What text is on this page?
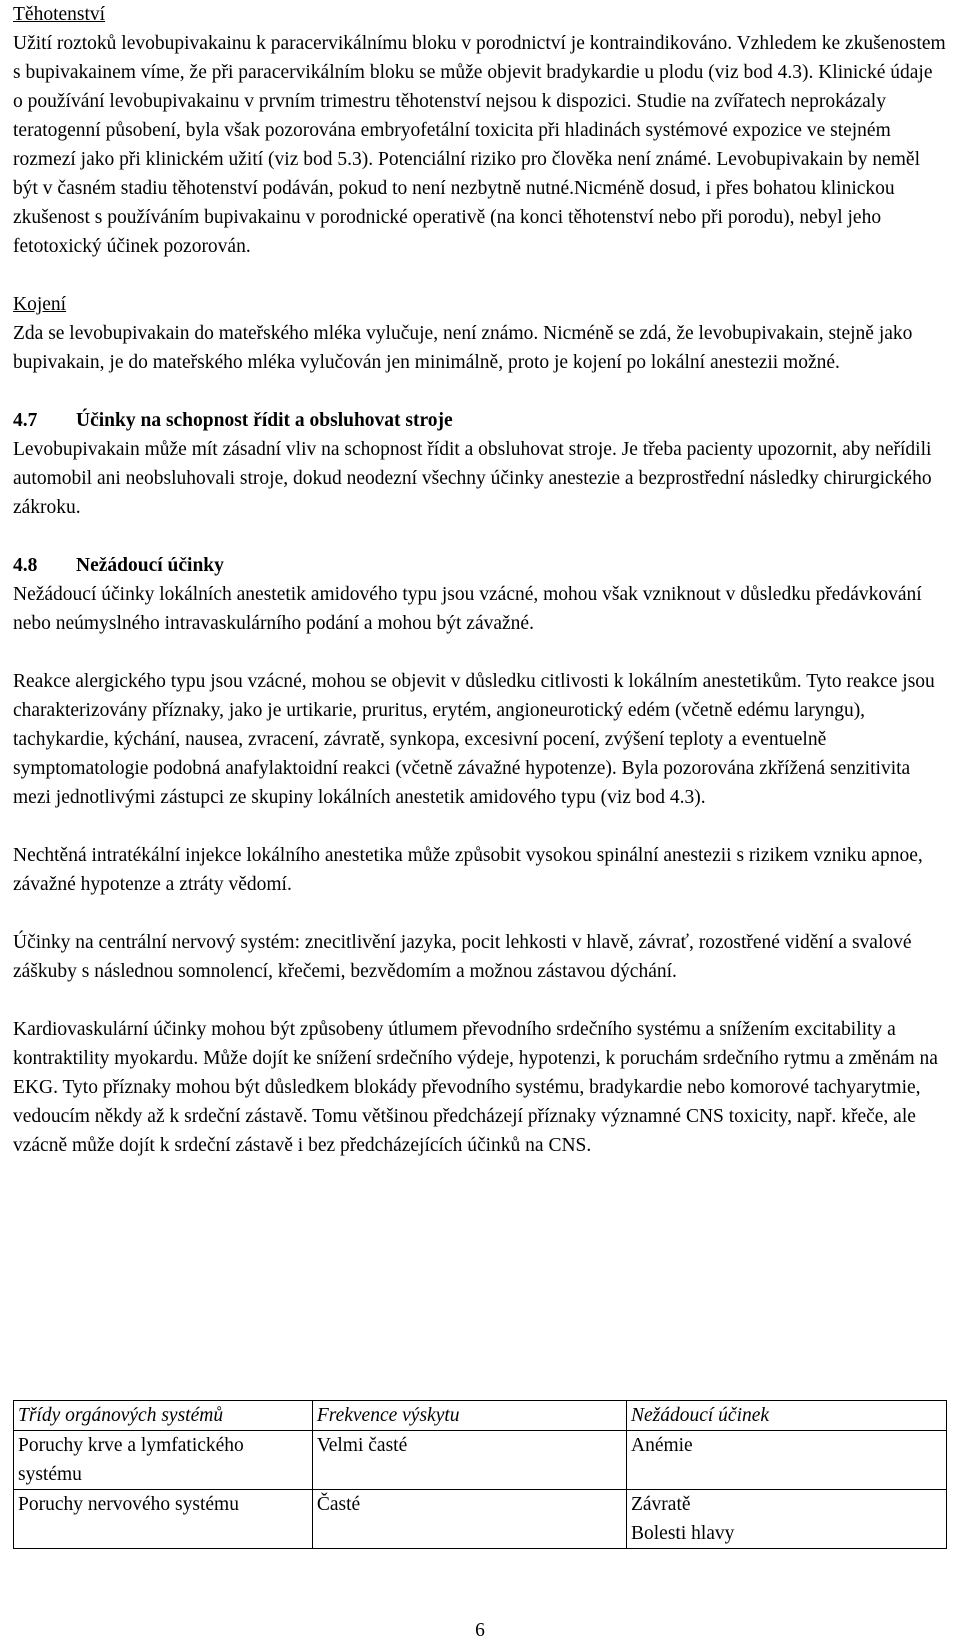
Těhotenství
Užití roztoků levobupivakainu k paracervikálnímu bloku v porodnictví je kontraindikováno. Vzhledem ke zkušenostem s bupivakainem víme, že při paracervikálním bloku se může objevit bradykardie u plodu (viz bod 4.3). Klinické údaje o používání levobupivakainu v prvním trimestru těhotenství nejsou k dispozici. Studie na zvířatech neprokázaly teratogenní působení, byla však pozorována embryofetální toxicita při hladinách systémové expozice ve stejném rozmezí jako při klinickém užití (viz bod 5.3). Potenciální riziko pro člověka není známé. Levobupivakain by neměl být v časném stadiu těhotenství podáván, pokud to není nezbytně nutné.Nicméně dosud, i přes bohatou klinickou zkušenost s používáním bupivakainu v porodnické operativě (na konci těhotenství nebo při porodu), nebyl jeho fetotoxický účinek pozorován.
Kojení
Zda se levobupivakain do mateřského mléka vylučuje, není známo. Nicméně se zdá, že levobupivakain, stejně jako bupivakain, je do mateřského mléka vylučován jen minimálně, proto je kojení po lokální anestezii možné.
4.7 Účinky na schopnost řídit a obsluhovat stroje
Levobupivakain může mít zásadní vliv na schopnost řídit a obsluhovat stroje. Je třeba pacienty upozornit, aby neřídili automobil ani neobsluhovali stroje, dokud neodezní všechny účinky anestezie a bezprostřední následky chirurgického zákroku.
4.8 Nežádoucí účinky
Nežádoucí účinky lokálních anestetik amidového typu jsou vzácné, mohou však vzniknout v důsledku předávkování nebo neúmyslného intravaskulárního podání a mohou být závažné.
Reakce alergického typu jsou vzácné, mohou se objevit v důsledku citlivosti k lokálním anestetikům. Tyto reakce jsou charakterizovány příznaky, jako je urtikarie, pruritus, erytém, angioneurotický edém (včetně edému laryngu), tachykardie, kýchání, nausea, zvracení, závratě, synkopa, excesivní pocení, zvýšení teploty a eventuelně symptomatologie podobná anafylaktoidní reakci (včetně závažné hypotenze). Byla pozorována zkřížená senzitivita mezi jednotlivými zástupci ze skupiny lokálních anestetik amidového typu (viz bod 4.3).
Nechtěná intratékální injekce lokálního anestetika může způsobit vysokou spinální anestezii s rizikem vzniku apnoe, závažné hypotenze a ztráty vědomí.
Účinky na centrální nervový systém: znecitlivění jazyka, pocit lehkosti v hlavě, závrať, rozostřené vidění a svalové záškuby s následnou somnolencí, křečemi, bezvědomím a možnou zástavou dýchání.
Kardiovaskulární účinky mohou být způsobeny útlumem převodního srdečního systému a snížením excitability a kontraktility myokardu. Může dojít ke snížení srdečního výdeje, hypotenzi, k poruchám srdečního rytmu a změnám na EKG. Tyto příznaky mohou být důsledkem blokády převodního systému, bradykardie nebo komorové tachyarytmie, vedoucím někdy až k srdeční zástavě. Tomu většinou předcházejí příznaky významné CNS toxicity, např. křeče, ale vzácně může dojít k srdeční zástavě i bez předcházejících účinků na CNS.
Třídy orgánových systémů	Frekvence výskytu	Nežádoucí účinek
Poruchy krve a lymfatického systému	Velmi časté	Anémie

Poruchy nervového systému	Časté	Závratě
Bolesti hlavy
6
